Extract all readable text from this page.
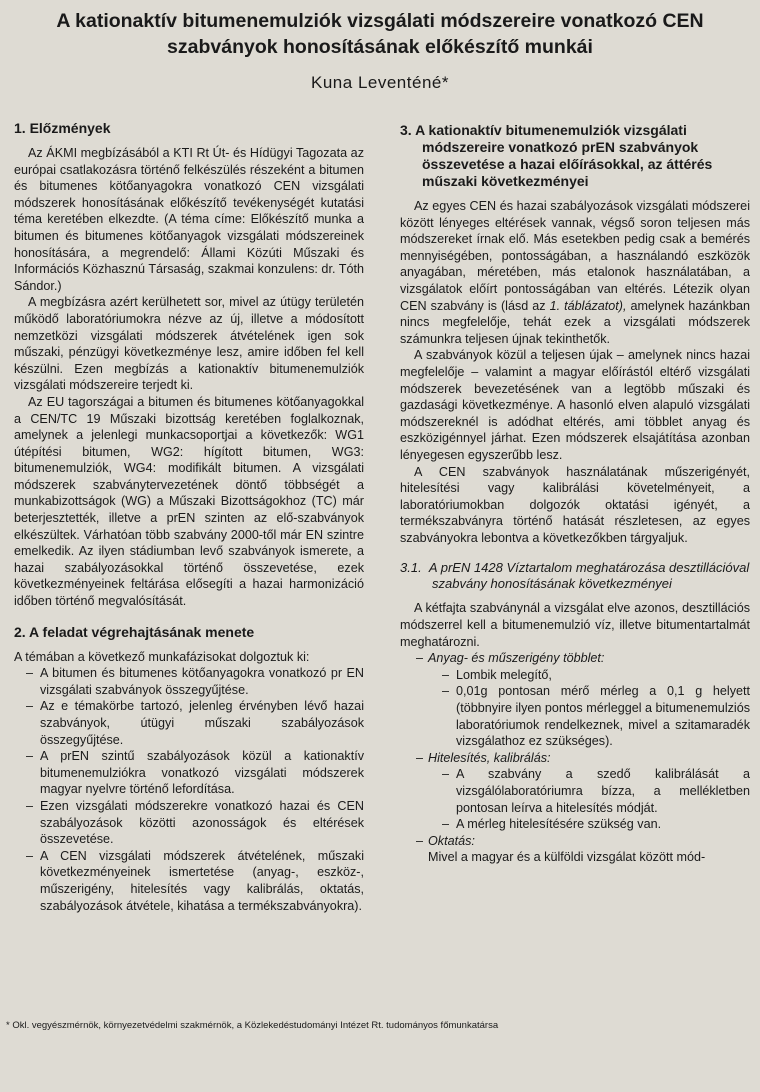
A kationaktív bitumenemulziók vizsgálati módszereire vonatkozó CEN szabványok honosításának előkészítő munkái
Kuna Leventéné*
1. Előzmények

Az ÁKMI megbízásából a KTI Rt Út- és Hídügyi Tagozata az európai csatlakozásra történő felkészülés részeként a bitumen és bitumenes kötőanyagokra vonatkozó CEN vizsgálati módszerek honosításának előkészítő tevékenységét kutatási téma keretében elkezdte. (A téma címe: Előkészítő munka a bitumen és bitumenes kötőanyagok vizsgálati módszereinek honosítására, a megrendelő: Állami Közúti Műszaki és Információs Közhasznú Társaság, szakmai konzulens: dr. Tóth Sándor.)

A megbízásra azért kerülhetett sor, mivel az útügy területén működő laboratóriumokra nézve az új, illetve a módosított nemzetközi vizsgálati módszerek átvételének igen sok műszaki, pénzügyi következménye lesz, amire időben fel kell készülni. Ezen megbízás a kationaktív bitumenemulziók vizsgálati módszereire terjedt ki.

Az EU tagországai a bitumen és bitumenes kötőanyagokkal a CEN/TC 19 Műszaki bizottság keretében foglalkoznak, amelynek a jelenlegi munkacsoportjai a következők: WG1 útépítési bitumen, WG2: hígított bitumen, WG3: bitumenemulziók, WG4: modifikált bitumen. A vizsgálati módszerek szabványtervezetének döntő többségét a munkabizottságok (WG) a Műszaki Bizottságokhoz (TC) már beterjesztették, illetve a prEN szinten az elő-szabványok elkészültek. Várhatóan több szabvány 2000-től már EN szintre emelkedik. Az ilyen stádiumban levő szabványok ismerete, a hazai szabályozásokkal történő összevetése, ezek következményeinek feltárása elősegíti a hazai harmonizáció időben történő megvalósítását.

2. A feladat végrehajtásának menete

A témában a következő munkafázisokat dolgoztuk ki:

– A bitumen és bitumenes kötőanyagokra vonatkozó pr EN vizsgálati szabványok összegyűjtése.
– Az e témakörbe tartozó, jelenleg érvényben lévő hazai szabványok, útügyi műszaki szabályozások összegyűjtése.
– A prEN szintű szabályozások közül a kationaktív bitumenemulziókra vonatkozó vizsgálati módszerek magyar nyelvre történő lefordítása.
– Ezen vizsgálati módszerekre vonatkozó hazai és CEN szabályozások közötti azonosságok és eltérések összevetése.
– A CEN vizsgálati módszerek átvételének, műszaki következményeinek ismertetése (anyag-, eszköz-, műszerigény, hitelesítés vagy kalibrálás, oktatás, szabályozások átvétele, kihatása a termékszabványokra).
3. A kationaktív bitumenemulziók vizsgálati módszereire vonatkozó prEN szabványok összevetése a hazai előírásokkal, az áttérés műszaki következményei

Az egyes CEN és hazai szabályozások vizsgálati módszerei között lényeges eltérések vannak, végső soron teljesen más módszereket írnak elő. Más esetekben pedig csak a bemérés mennyiségében, pontosságában, a használandó eszközök anyagában, méretében, más etalonok használatában, a vizsgálatok előírt pontosságában van eltérés. Létezik olyan CEN szabvány is (lásd az 1. táblázatot), amelynek hazánkban nincs megfelelője, tehát ezek a vizsgálati módszerek számunkra teljesen újnak tekinthetők.

A szabványok közül a teljesen újak – amelynek nincs hazai megfelelője – valamint a magyar előírástól eltérő vizsgálati módszerek bevezetésének van a legtöbb műszaki és gazdasági következménye. A hasonló elven alapuló vizsgálati módszereknél is adódhat eltérés, ami többlet anyag és eszközigénnyel járhat. Ezen módszerek elsajátítása azonban lényegesen egyszerűbb lesz.

A CEN szabványok használatának műszerigényét, hitelesítési vagy kalibrálási követelményeit, a laboratóriumokban dolgozók oktatási igényét, a termékszabványra történő hatását részletesen, az egyes szabványokra lebontva a következőkben tárgyaljuk.

3.1. A prEN 1428 Víztartalom meghatározása desztillációval szabvány honosításának következményei

A kétfajta szabványnál a vizsgálat elve azonos, desztillációs módszerrel kell a bitumenemulzió víz, illetve bitumentartalmát meghatározni.

– Anyag- és műszerigény többlet:
– Lombik melegítő,
– 0,01g pontosan mérő mérleg a 0,1 g helyett (többnyire ilyen pontos mérleggel a bitumenemulziós laboratóriumok rendelkeznek, mivel a szitamaradék vizsgálathoz ez szükséges).
– Hitelesítés, kalibrálás:
– A szabvány a szedő kalibrálását a vizsgálólaboratóriumra bízza, a mellékletben pontosan leírva a hitelesítés módját.
– A mérleg hitelesítésére szükség van.
– Oktatás:

Mivel a magyar és a külföldi vizsgálat között mód-

* Okl. vegyészmérnök, környezetvédelmi szakmérnök, a Közlekedéstudományi Intézet Rt. tudományos főmunkatársa
